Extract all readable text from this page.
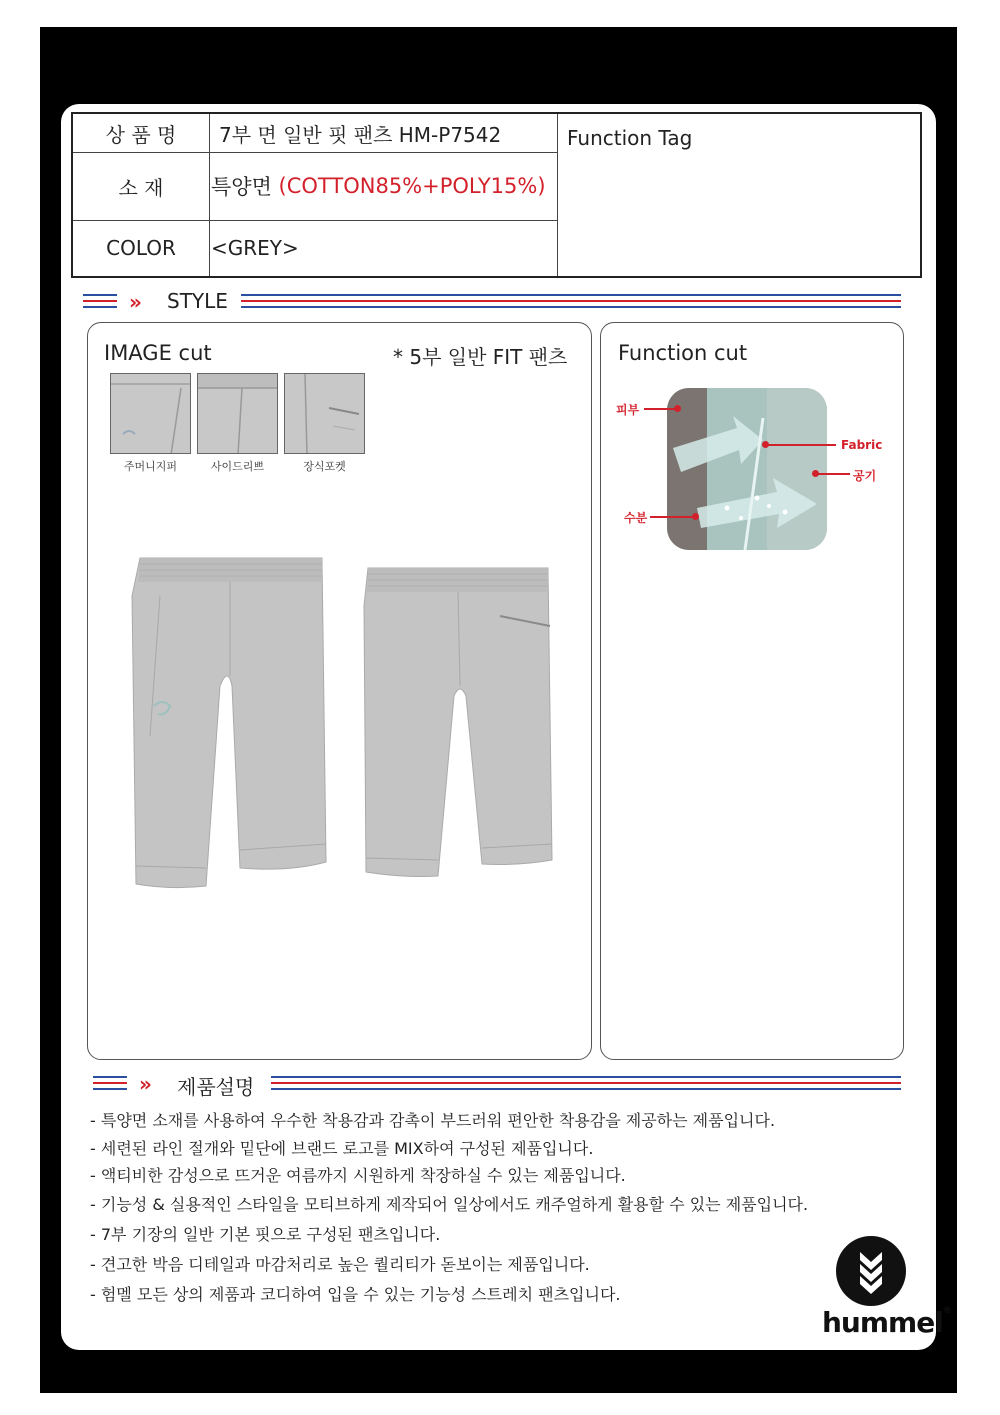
상 품 명	7부 면 일반 핏 팬츠 HM-P7542
소 재	특양면 (COTTON85%+POLY15%)
COLOR	<GREY>
Function Tag
» STYLE
IMAGE cut	* 5부 일반 FIT 팬츠
주머니지퍼	사이드리쁘	장식포켓
Function cut
피부
Fabric
공기
수분
» 제품설명
- 특양면 소재를 사용하여 우수한 착용감과 감촉이 부드러워 편안한 착용감을 제공하는 제품입니다.
- 세련된 라인 절개와 밑단에 브랜드 로고를 MIX하여 구성된 제품입니다.
- 액티비한 감성으로 뜨거운 여름까지 시원하게 착장하실 수 있는 제품입니다.
- 기능성 & 실용적인 스타일을 모티브하게 제작되어 일상에서도 캐주얼하게 활용할 수 있는 제품입니다.
- 7부 기장의 일반 기본 핏으로 구성된 팬츠입니다.
- 견고한 박음 디테일과 마감처리로 높은 퀄리티가 돋보이는 제품입니다.
- 험멜 모든 상의 제품과 코디하여 입을 수 있는 기능성 스트레치 팬츠입니다.
hummel®
